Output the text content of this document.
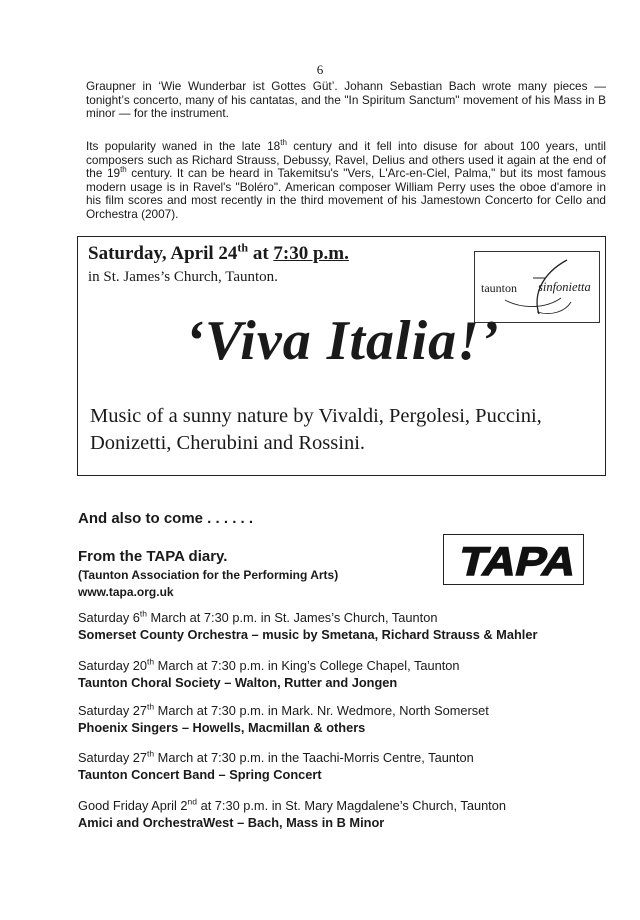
6
Graupner in ‘Wie Wunderbar ist Gottes Güt’. Johann Sebastian Bach wrote many pieces — tonight’s concerto, many of his cantatas, and the "In Spiritum Sanctum" movement of his Mass in B minor — for the instrument.
Its popularity waned in the late 18th century and it fell into disuse for about 100 years, until composers such as Richard Strauss, Debussy, Ravel, Delius and others used it again at the end of the 19th century. It can be heard in Takemitsu's "Vers, L'Arc-en-Ciel, Palma," but its most famous modern usage is in Ravel's "Boléro". American composer William Perry uses the oboe d'amore in his film scores and most recently in the third movement of his Jamestown Concerto for Cello and Orchestra (2007).
Saturday, April 24th at 7:30 p.m.
in St. James’s Church, Taunton.
taunton sinfonietta
‘Viva Italia!’
Music of a sunny nature by Vivaldi, Pergolesi, Puccini, Donizetti, Cherubini and Rossini.
And also to come . . . . . .
From the TAPA diary.
(Taunton Association for the Performing Arts)
www.tapa.org.uk
TAPA
Saturday 6th March at 7:30 p.m. in St. James’s Church, Taunton
Somerset County Orchestra – music by Smetana, Richard Strauss & Mahler
Saturday 20th March at 7:30 p.m. in King’s College Chapel, Taunton
Taunton Choral Society – Walton, Rutter and Jongen
Saturday 27th March at 7:30 p.m. in Mark. Nr. Wedmore, North Somerset
Phoenix Singers – Howells, Macmillan & others
Saturday 27th March at 7:30 p.m. in the Taachi-Morris Centre, Taunton
Taunton Concert Band – Spring Concert
Good Friday April 2nd at 7:30 p.m. in St. Mary Magdalene’s Church, Taunton
Amici and OrchestraWest – Bach, Mass in B Minor
